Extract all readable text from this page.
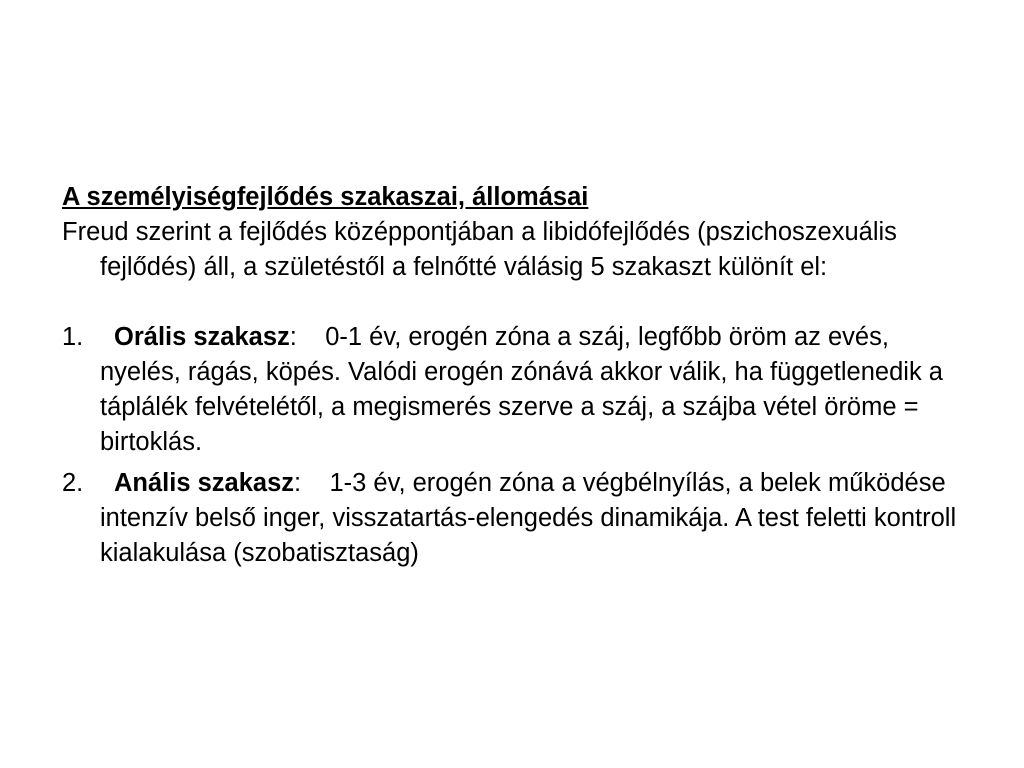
A személyiségfejlődés szakaszai, állomásai

Freud szerint a fejlődés középpontjában a libidófejlődés (pszichoszexuális fejlődés) áll, a születéstől a felnőtté válásig 5 szakaszt különít el:

1. Orális szakasz: 0-1 év, erogén zóna a száj, legfőbb öröm az evés, nyelés, rágás, köpés. Valódi erogén zónává akkor válik, ha függetlenedik a táplálék felvételétől, a megismerés szerve a száj, a szájba vétel öröme = birtoklás.
2. Anális szakasz: 1-3 év, erogén zóna a végbélnyílás, a belek működése intenzív belső inger, visszatartás-elengedés dinamikája. A test feletti kontroll kialakulása (szobatisztaság)
